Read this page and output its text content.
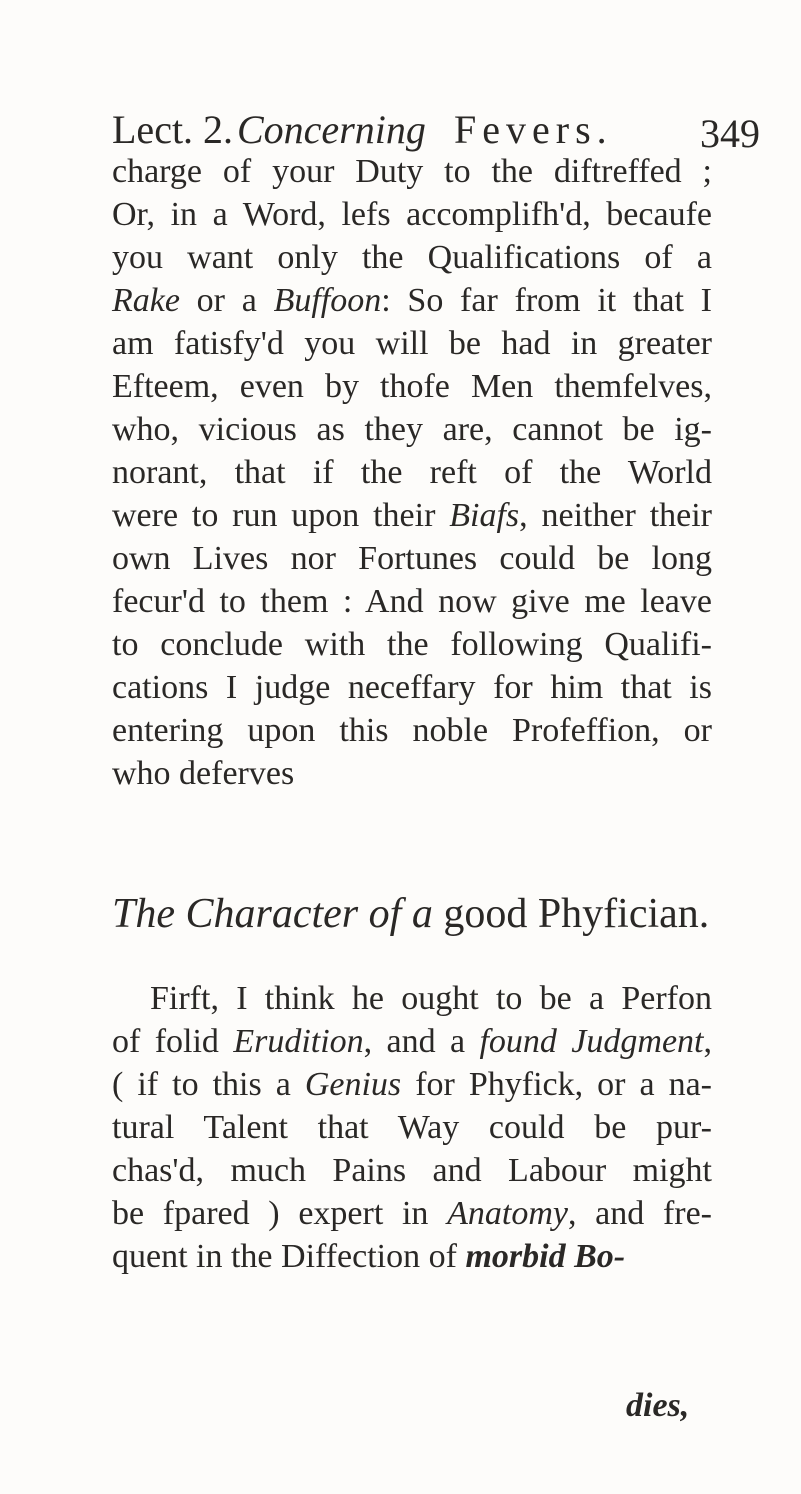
Lect. 2. Concerning Fevers. 349
charge of your Duty to the diftreffed ;
Or, in a Word, lefs accomplifh'd, becaufe
you want only the Qualifications of a
Rake or a Buffoon: So far from it that I
am fatisfy'd you will be had in greater
Efteem, even by thofe Men themfelves,
who, vicious as they are, cannot be ig-
norant, that if the reft of the World
were to run upon their Biafs, neither their
own Lives nor Fortunes could be long
fecur'd to them : And now give me leave
to conclude with the following Qualifi-
cations I judge neceffary for him that is
entering upon this noble Profeffion, or
who deferves
The Character of a good Phyfician.
Firft, I think he ought to be a Perfon
of folid Erudition, and a found Judgment,
( if to this a Genius for Phyfick, or a na-
tural Talent that Way could be pur-
chas'd, much Pains and Labour might
be fpared ) expert in Anatomy, and fre-
quent in the Diffection of morbid Bo-
dies,
